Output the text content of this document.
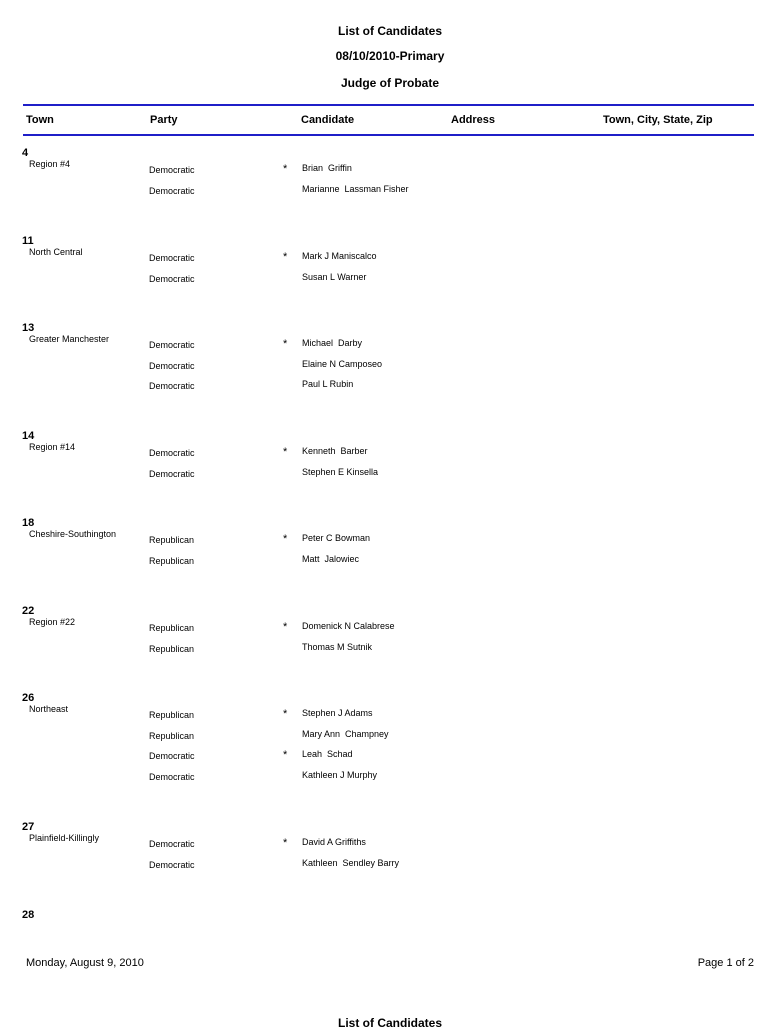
List of Candidates
08/10/2010-Primary
Judge of Probate
Town	Party	Candidate	Address	Town, City, State, Zip
4
Region #4
Democratic	* Brian  Griffin
Democratic	Marianne  Lassman Fisher
11
North Central
Democratic	* Mark J Maniscalco
Democratic	Susan L Warner
13
Greater Manchester
Democratic	* Michael  Darby
Democratic	Elaine N Camposeo
Democratic	Paul L Rubin
14
Region #14
Democratic	* Kenneth  Barber
Democratic	Stephen E Kinsella
18
Cheshire-Southington
Republican	* Peter C Bowman
Republican	Matt  Jalowiec
22
Region #22
Republican	* Domenick N Calabrese
Republican	Thomas M Sutnik
26
Northeast
Republican	* Stephen J Adams
Republican	Mary Ann  Champney
Democratic	* Leah  Schad
Democratic	Kathleen J Murphy
27
Plainfield-Killingly
Democratic	* David A Griffiths
Democratic	Kathleen  Sendley Barry
28
Monday, August 9, 2010	Page 1 of 2
List of Candidates
